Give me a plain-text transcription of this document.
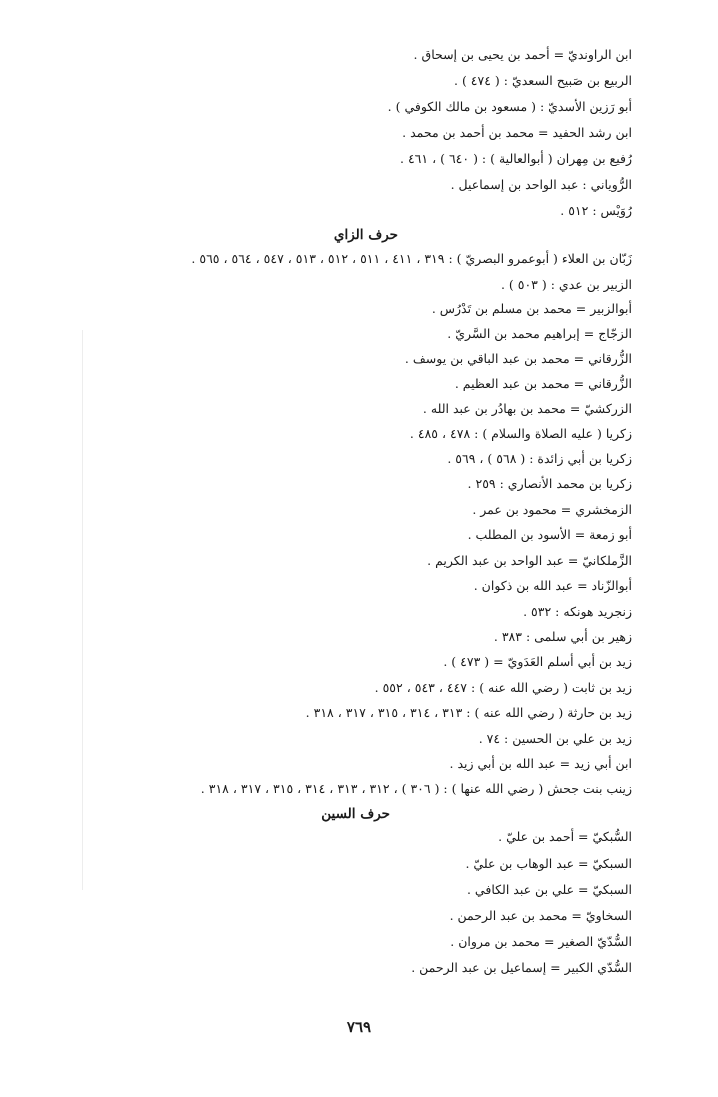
ابن الراونديّ = أحمد بن يحيى بن إسحاق .
الربيع بن صَبيح السعديّ : ( ٤٧٤ ) .
أبو رَزين الأسديّ : ( مسعود بن مالك الكوفي ) .
ابن رشد الحفيد = محمد بن أحمد بن محمد .
رُفيع بن مِهران ( أبوالعالية ) : ( ٦٤٠ ) ، ٤٦١ .
الرُّوياني : عبد الواحد بن إسماعيل .
رُوَيْس : ٥١٢ .
حرف الزاي
زَبّان بن العلاء ( أبوعمرو البصريّ ) : ٣١٩ ، ٤١١ ، ٥١١ ، ٥١٢ ، ٥١٣ ، ٥٤٧ ، ٥٦٤ ، ٥٦٥ .
الزبير بن عدي : ( ٥٠٣ ) .
أبوالزبير = محمد بن مسلم بن تَدْرُس .
الزجّاج = إبراهيم محمد بن السَّريّ .
الزُّرقاني = محمد بن عبد الباقي بن يوسف .
الزُّرقاني = محمد بن عبد العظيم .
الزركشيّ = محمد بن بهادُر بن عبد الله .
زكريا ( عليه الصلاة والسلام ) : ٤٧٨ ، ٤٨٥ .
زكريا بن أبي زائدة : ( ٥٦٨ ) ، ٥٦٩ .
زكريا بن محمد الأنصاري : ٢٥٩ .
الزمخشري = محمود بن عمر .
أبو زمعة = الأسود بن المطلب .
الزَّملكانيّ = عبد الواحد بن عبد الكريم .
أبوالزّناد = عبد الله بن ذكوان .
زنجريد هونكه : ٥٣٢ .
زهير بن أبي سلمى : ٣٨٣ .
زيد بن أبي أسلم العَدَويّ = ( ٤٧٣ ) .
زيد بن ثابت ( رضي الله عنه ) : ٤٤٧ ، ٥٤٣ ، ٥٥٢ .
زيد بن حارثة ( رضي الله عنه ) : ٣١٣ ، ٣١٤ ، ٣١٥ ، ٣١٧ ، ٣١٨ .
زيد بن علي بن الحسين : ٧٤ .
ابن أبي زيد = عبد الله بن أبي زيد .
زينب بنت جحش ( رضي الله عنها ) : ( ٣٠٦ ) ، ٣١٢ ، ٣١٣ ، ٣١٤ ، ٣١٥ ، ٣١٧ ، ٣١٨ .
حرف السين
السُّبكيّ = أحمد بن عليّ .
السبكيّ = عبد الوهاب بن عليّ .
السبكيّ = علي بن عبد الكافي .
السخاويّ = محمد بن عبد الرحمن .
السُّدّيّ الصغير = محمد بن مروان .
السُّدّي الكبير = إسماعيل بن عبد الرحمن .
٧٦٩
